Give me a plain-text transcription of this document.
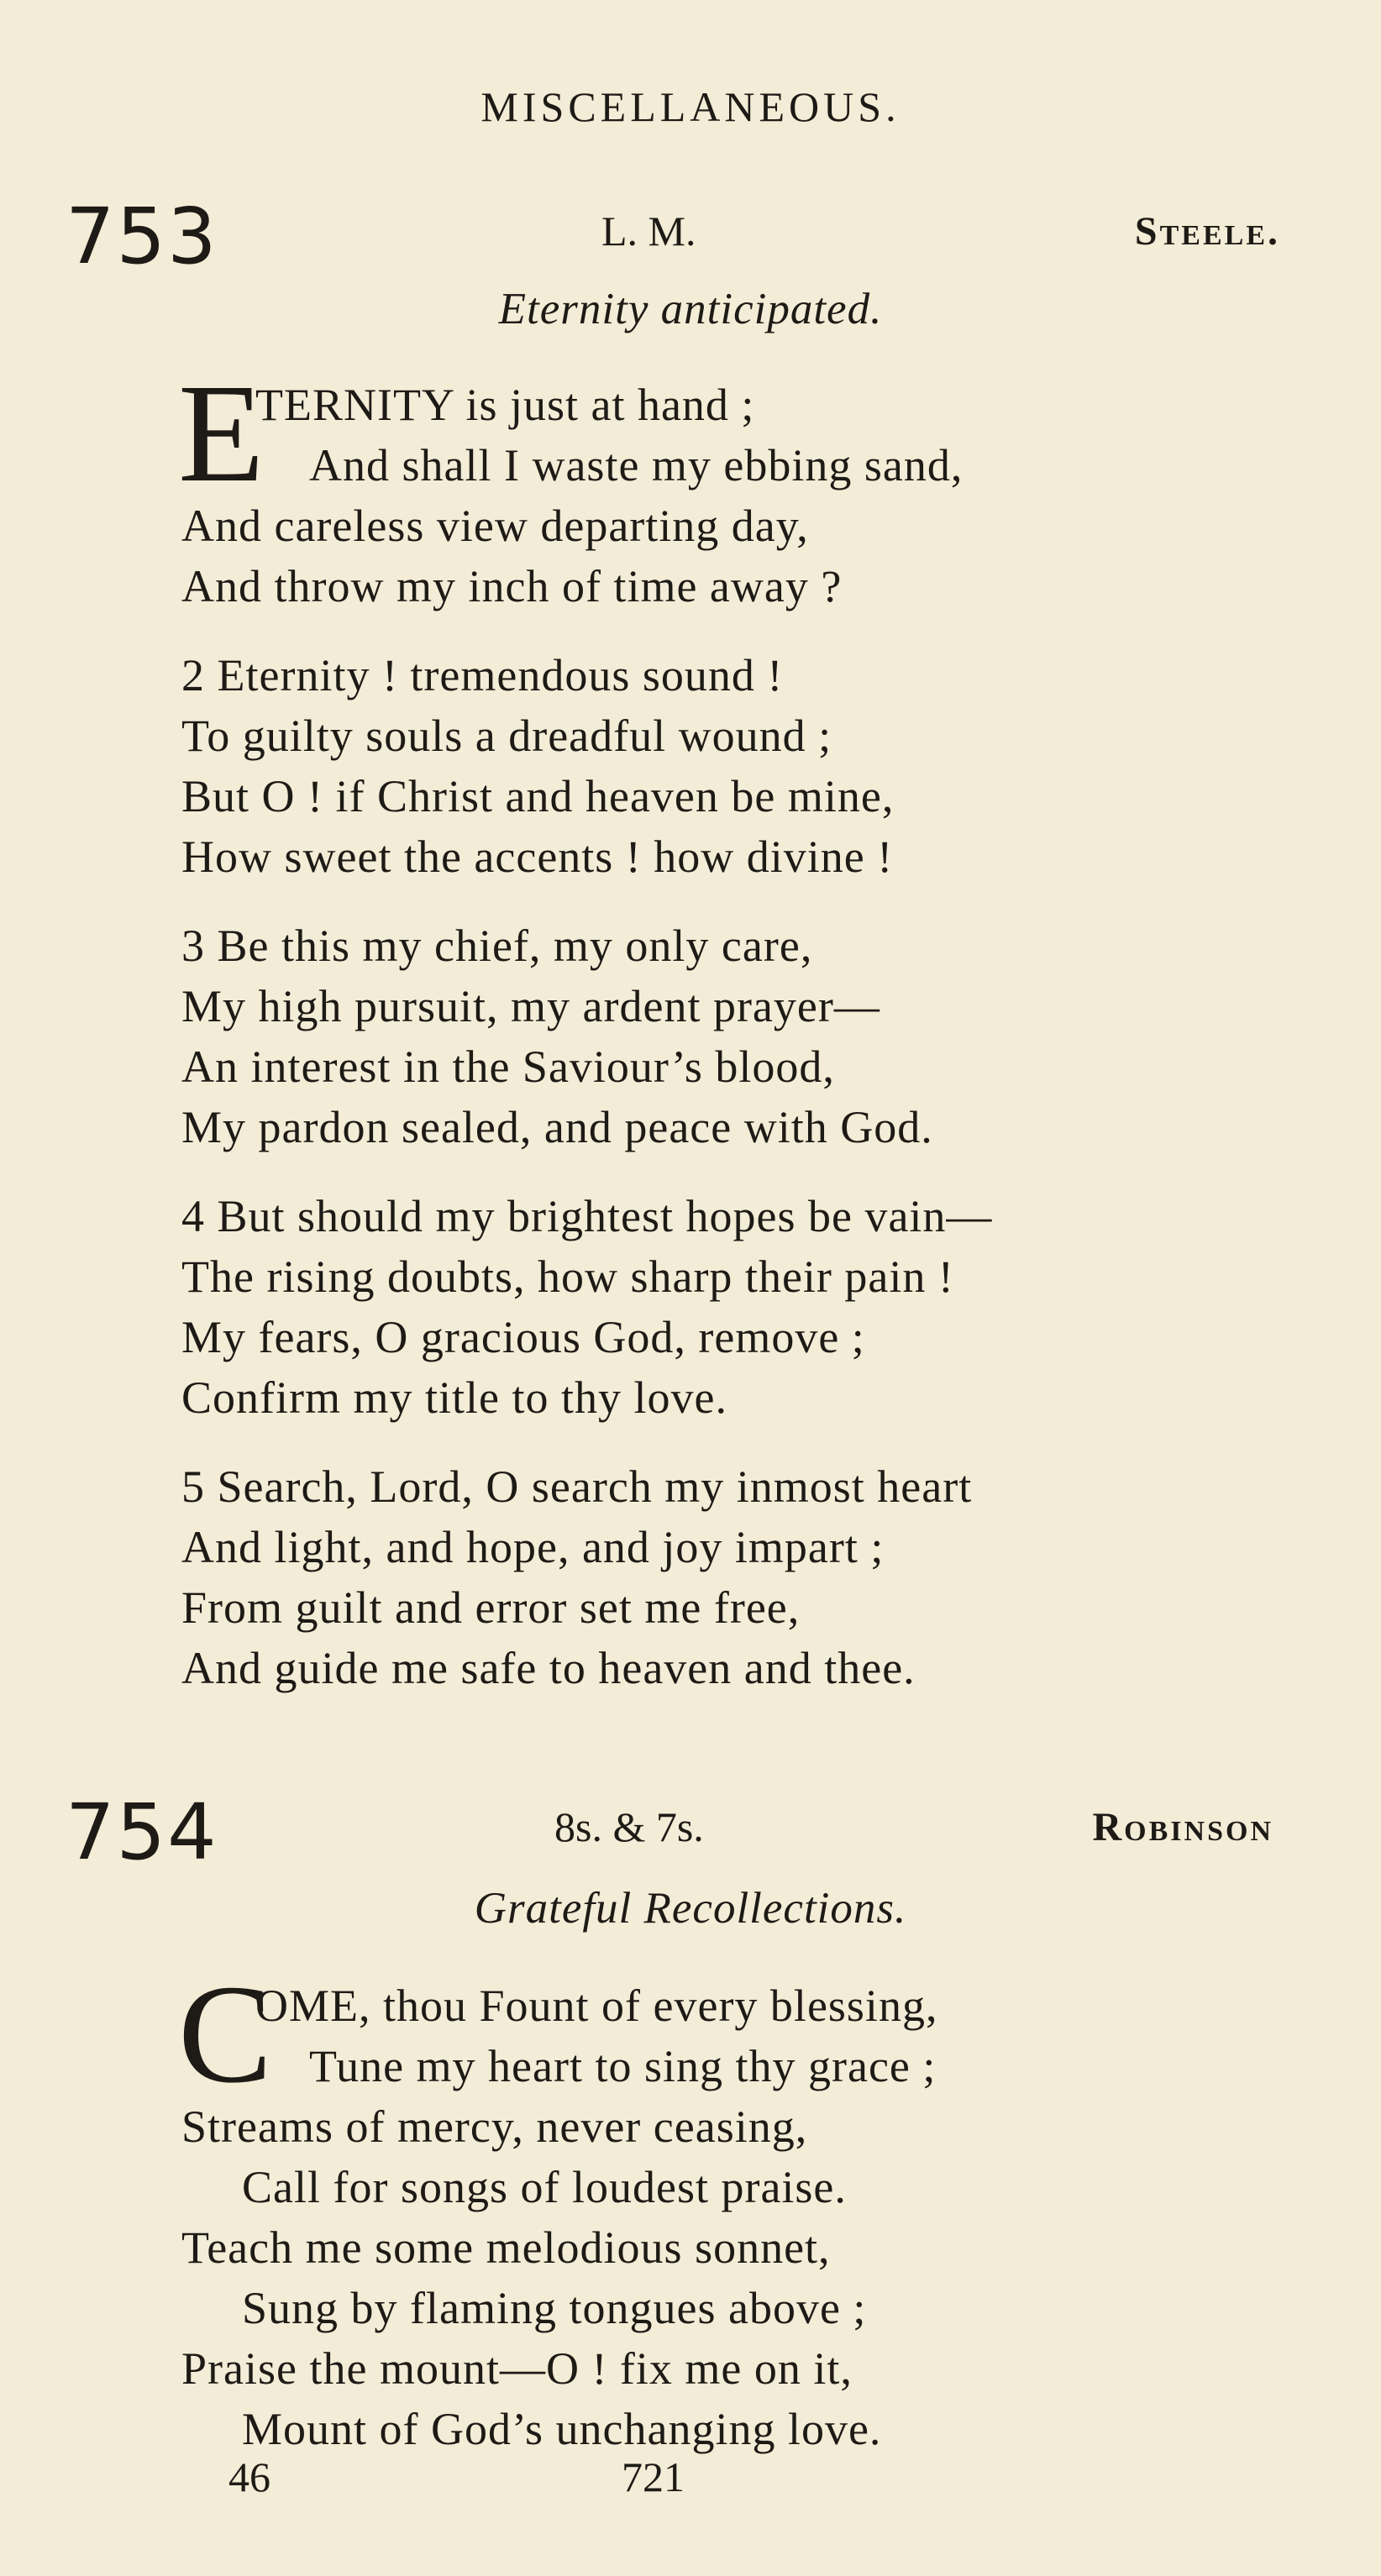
MISCELLANEOUS.
753	L. M.	Steele.
Eternity anticipated.
E
TERNITY is just at hand ;
And shall I waste my ebbing sand,
And careless view departing day,
And throw my inch of time away ?
2 Eternity ! tremendous sound !
To guilty souls a dreadful wound ;
But O ! if Christ and heaven be mine,
How sweet the accents ! how divine !
3 Be this my chief, my only care,
My high pursuit, my ardent prayer—
An interest in the Saviour’s blood,
My pardon sealed, and peace with God.
4 But should my brightest hopes be vain—
The rising doubts, how sharp their pain !
My fears, O gracious God, remove ;
Confirm my title to thy love.
5 Search, Lord, O search my inmost heart
And light, and hope, and joy impart ;
From guilt and error set me free,
And guide me safe to heaven and thee.
754	8s. & 7s.	Robinson
Grateful Recollections.
C
OME, thou Fount of every blessing,
Tune my heart to sing thy grace ;
Streams of mercy, never ceasing,
Call for songs of loudest praise.
Teach me some melodious sonnet,
Sung by flaming tongues above ;
Praise the mount—O ! fix me on it,
Mount of God’s unchanging love.
46	721
